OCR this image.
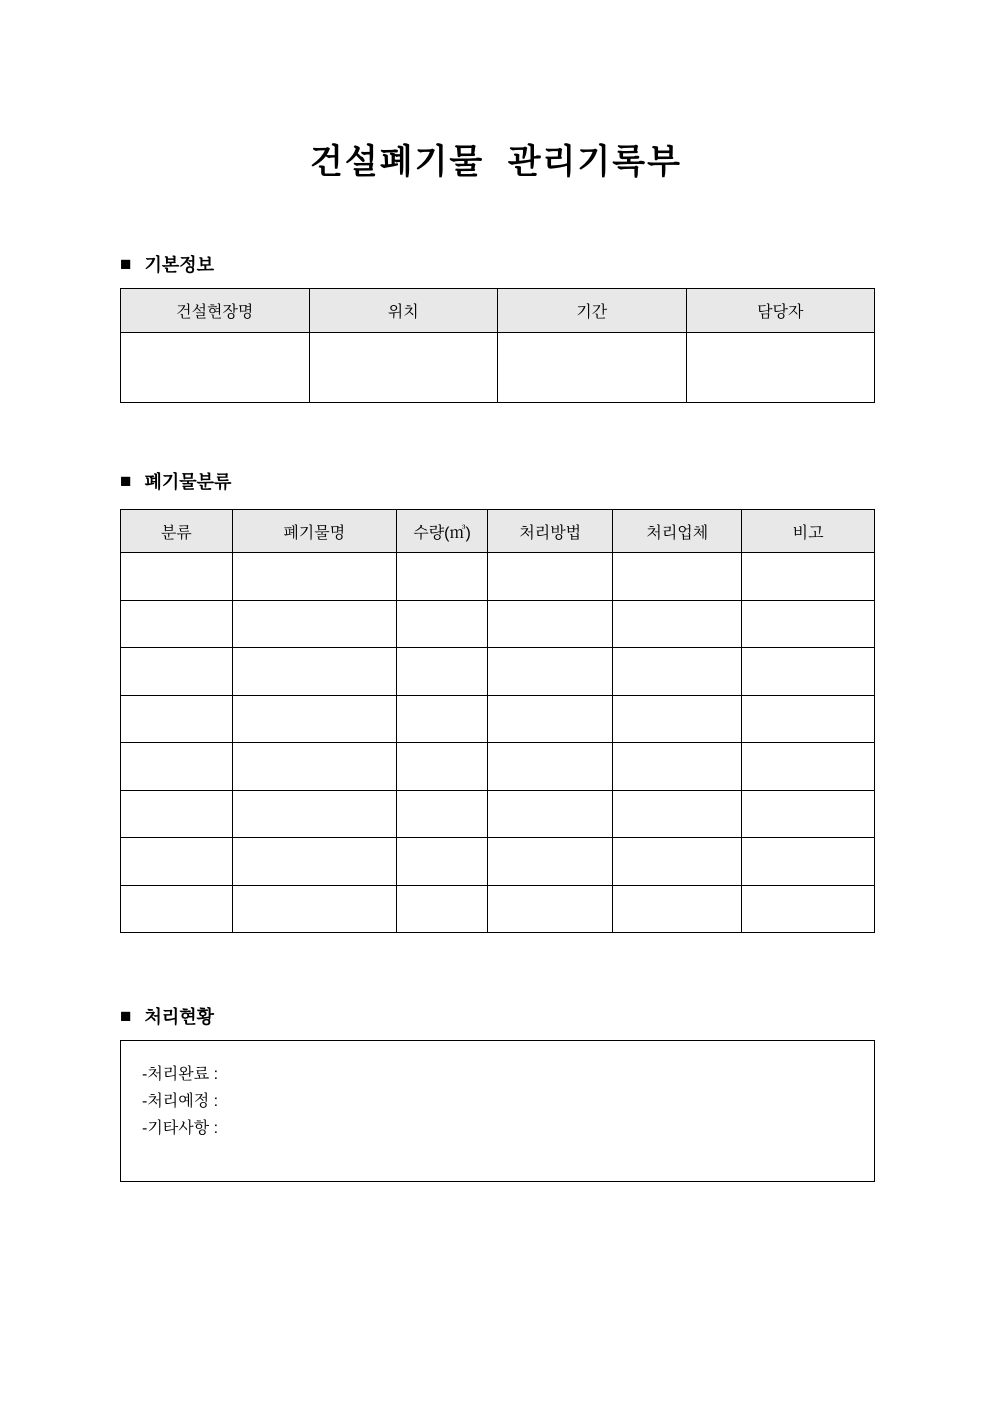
건설폐기물 관리기록부
■ 기본정보
건설현장명	위치	기간	담당자

■ 폐기물분류
분류	폐기물명	수량(㎥)	처리방법	처리업체	비고

■ 처리현황
-처리완료 :
-처리예정 :
-기타사항 :
